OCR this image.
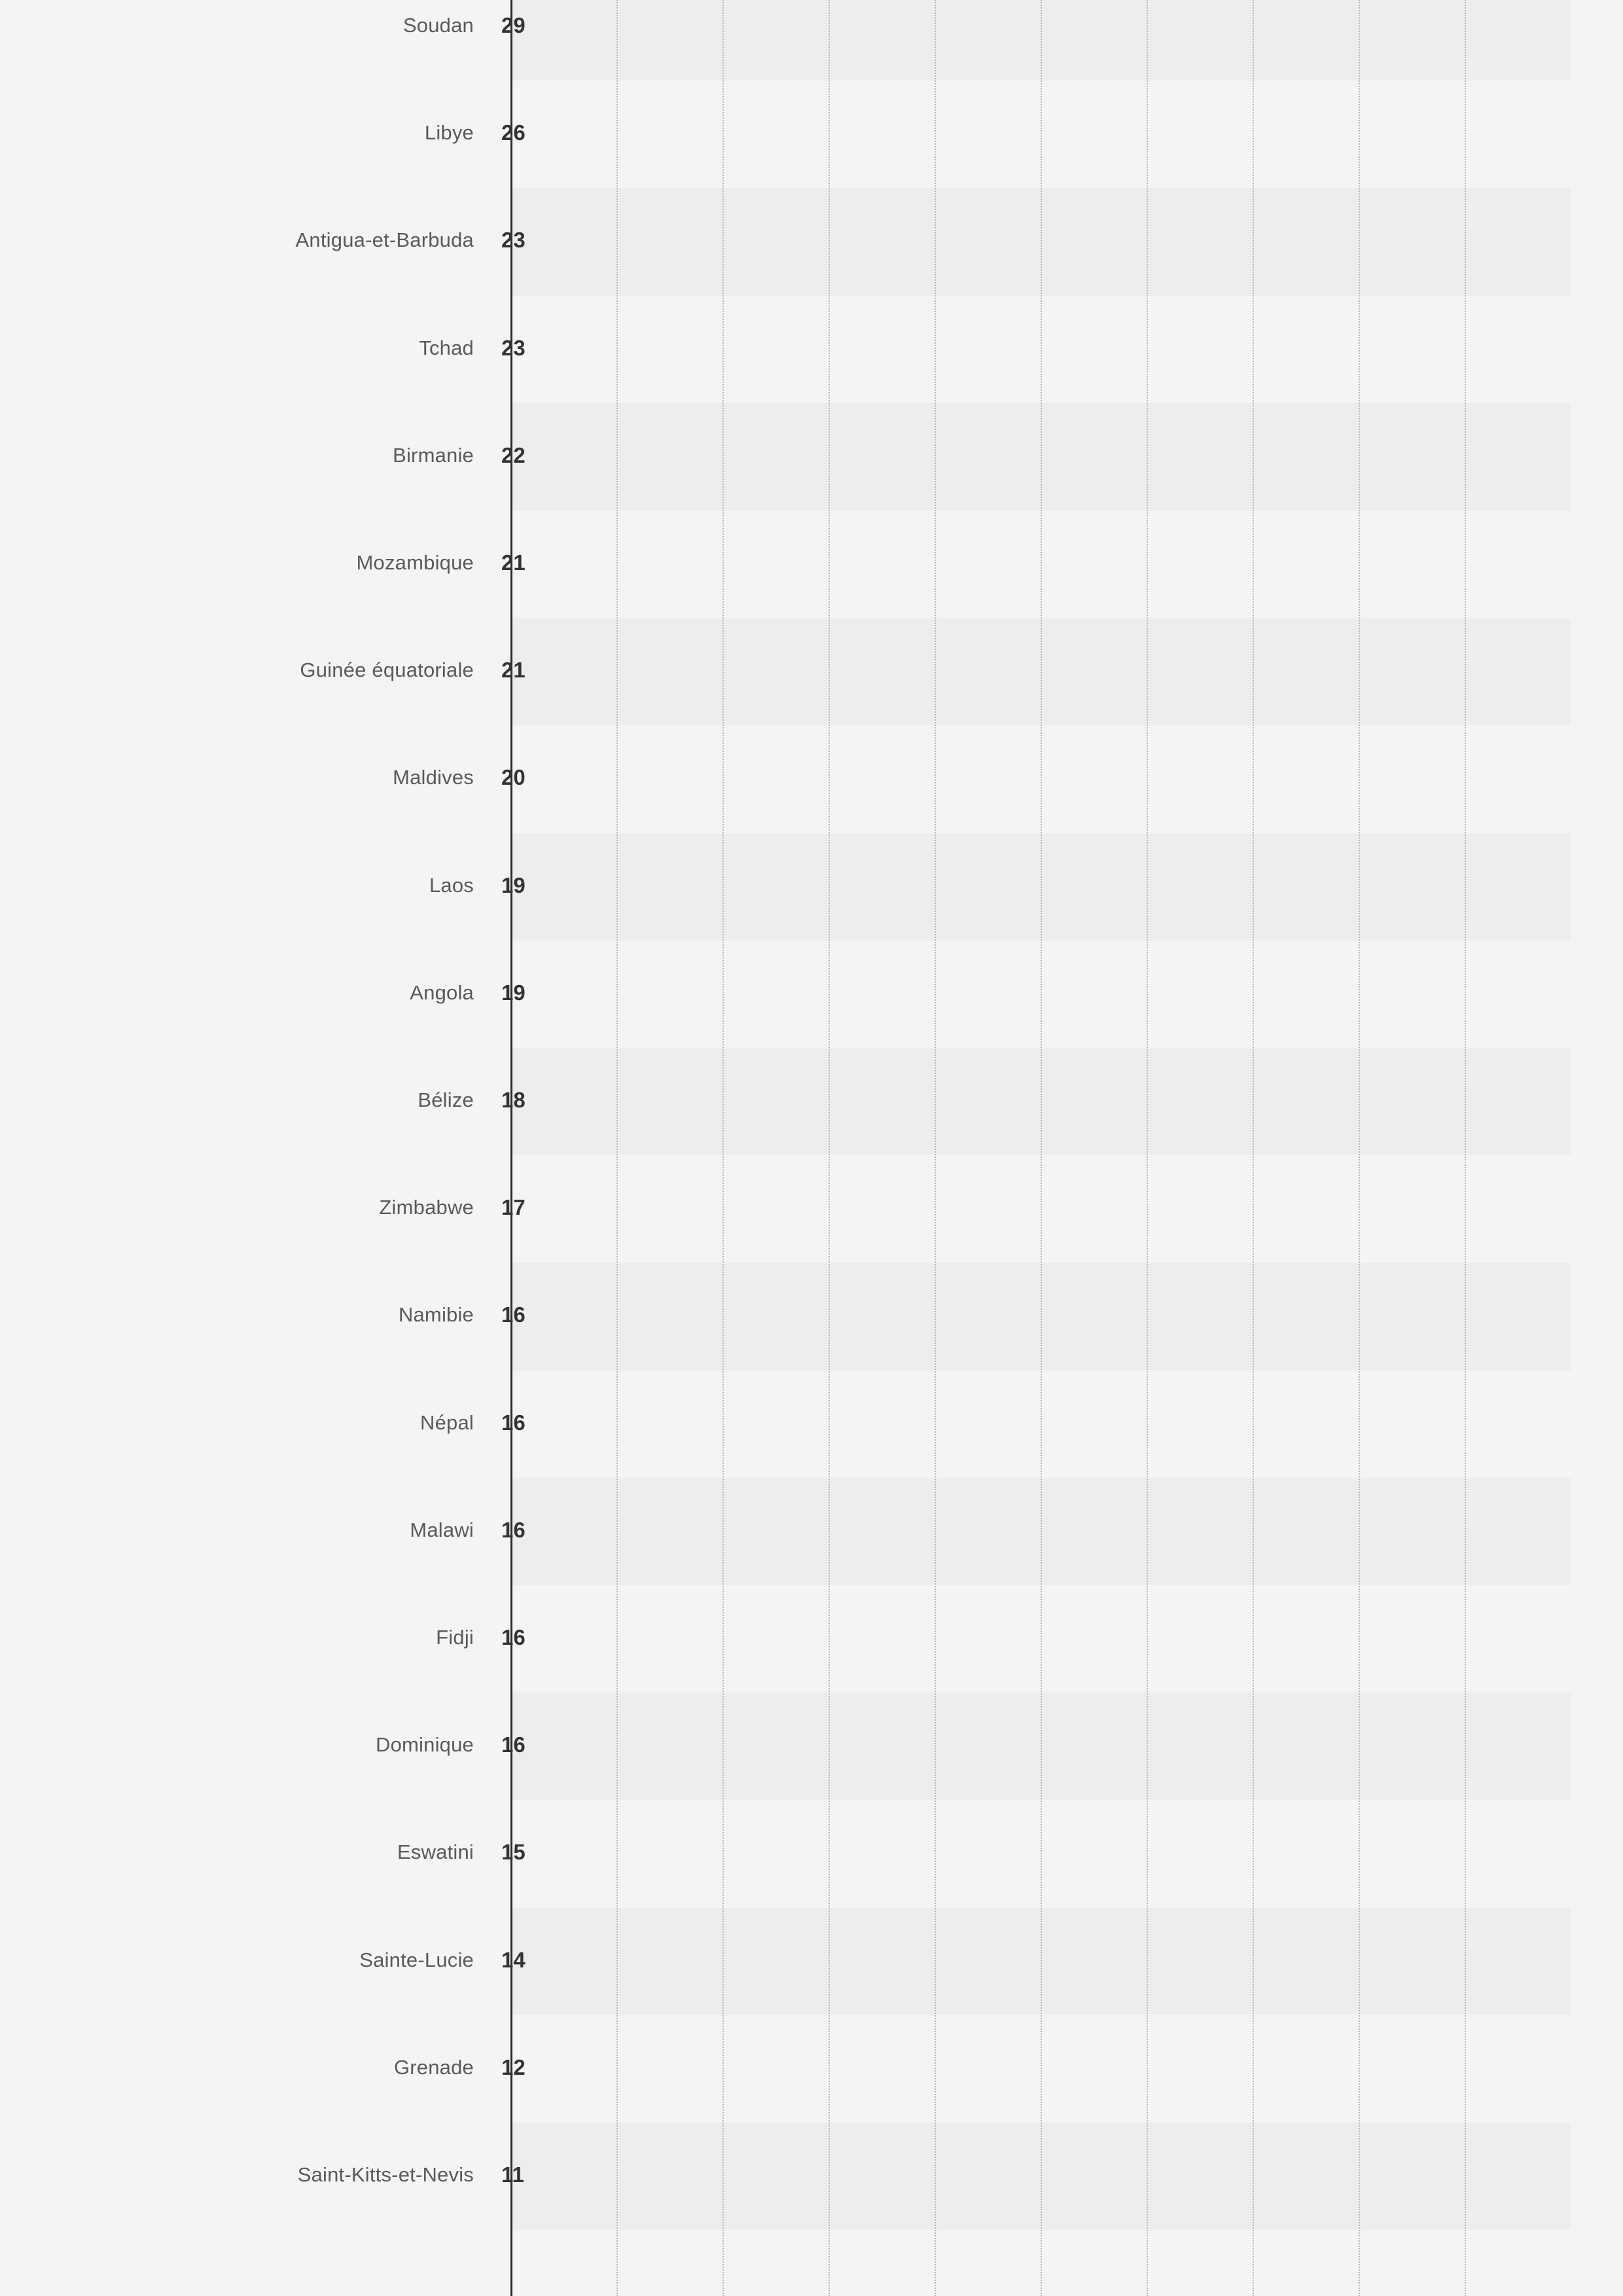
Soudan	29
Libye	26
Antigua-et-Barbuda	23
Tchad	23
Birmanie	22
Mozambique	21
Guinée équatoriale	21
Maldives	20
Laos	19
Angola	19
Bélize	18
Zimbabwe	17
Namibie	16
Népal	16
Malawi	16
Fidji	16
Dominique	16
Eswatini	15
Sainte-Lucie	14
Grenade	12
Saint-Kitts-et-Nevis	11
